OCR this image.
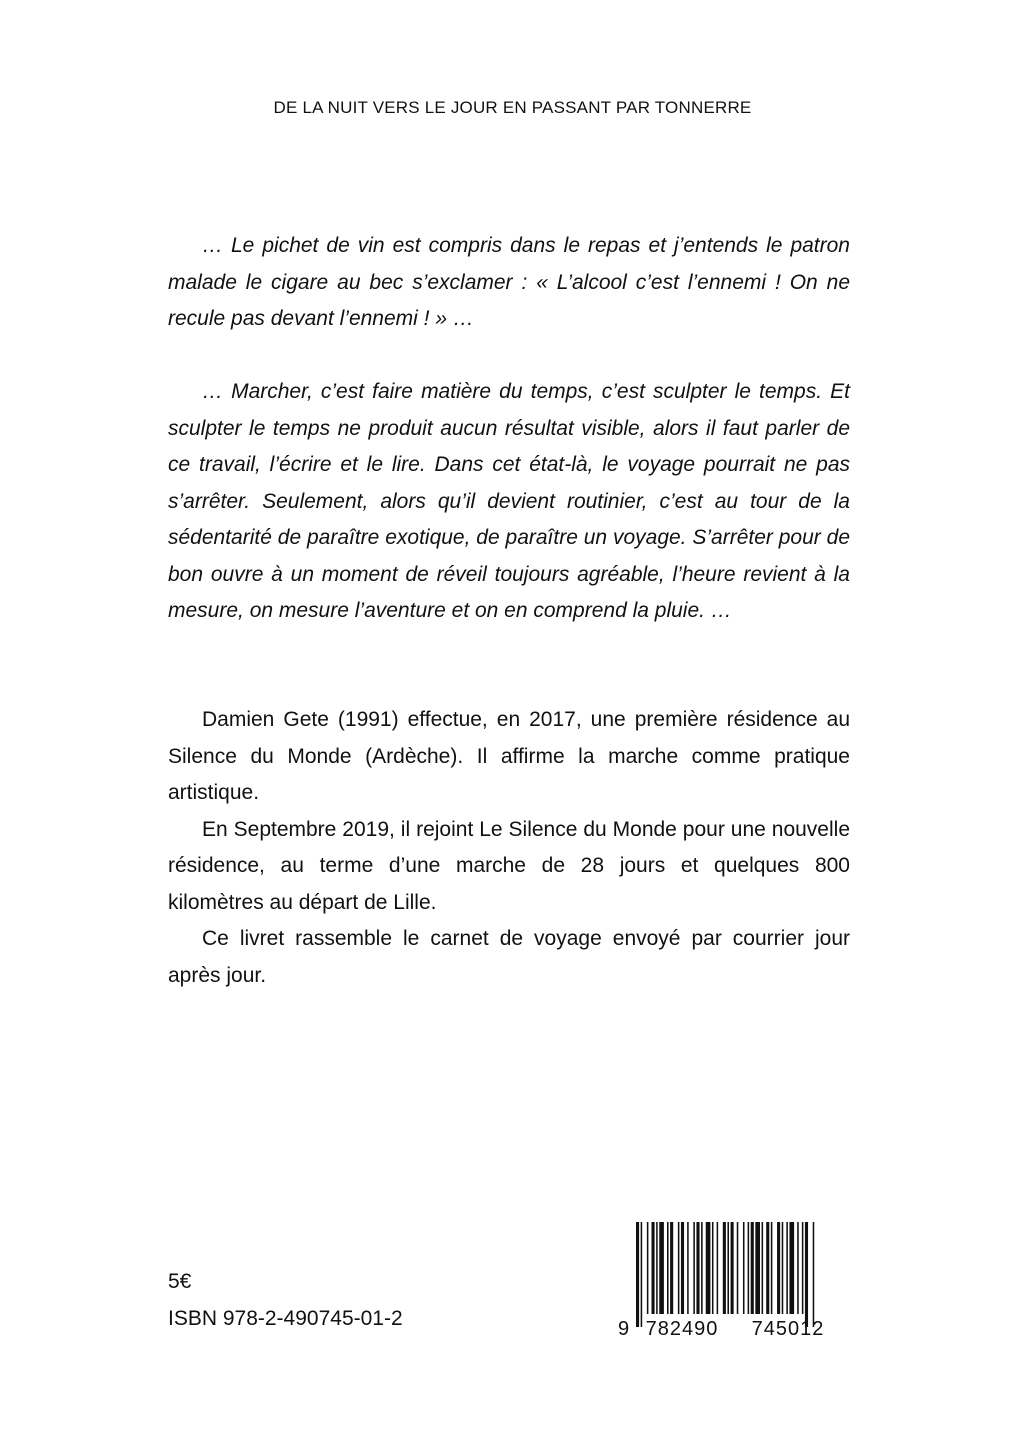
DE LA NUIT VERS LE JOUR EN PASSANT PAR TONNERRE

… Le pichet de vin est compris dans le repas et j’entends le patron malade le cigare au bec s’exclamer : « L’alcool c’est l’ennemi ! On ne recule pas devant l’ennemi ! » …

… Marcher, c’est faire matière du temps, c’est sculpter le temps. Et sculpter le temps ne produit aucun résultat visible, alors il faut parler de ce travail, l’écrire et le lire. Dans cet état-là, le voyage pourrait ne pas s’arrêter. Seulement, alors qu’il devient routinier, c’est au tour de la sédentarité de paraître exotique, de paraître un voyage. S’arrêter pour de bon ouvre à un moment de réveil toujours agréable, l’heure revient à la mesure, on mesure l’aventure et on en comprend la pluie. …

Damien Gete (1991) effectue, en 2017, une première résidence au Silence du Monde (Ardèche). Il affirme la marche comme pratique artistique.

En Septembre 2019, il rejoint Le Silence du Monde pour une nouvelle résidence, au terme d’une marche de 28 jours et quelques 800 kilomètres au départ de Lille.

Ce livret rassemble le carnet de voyage envoyé par courrier jour après jour.

5€
ISBN 978-2-490745-01-2	9 782490 745012
